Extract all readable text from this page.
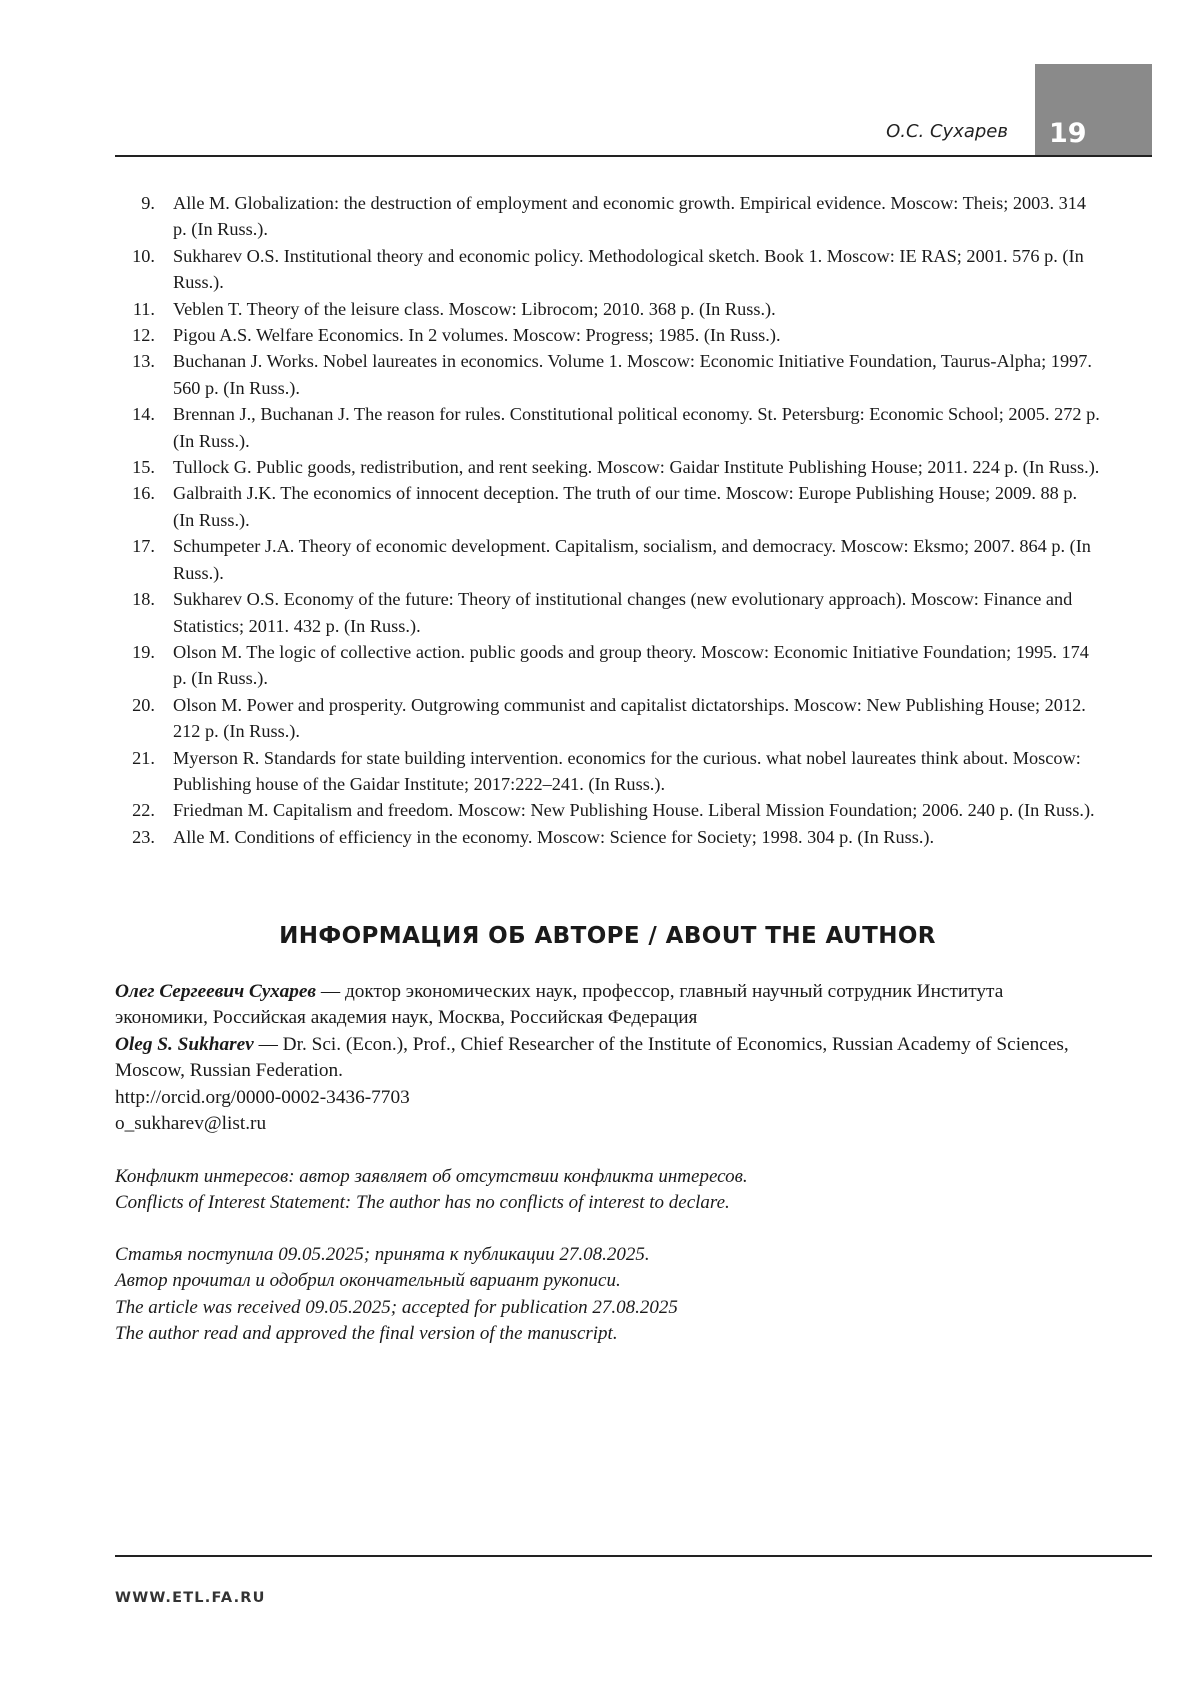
19
О.С. Сухарев
9. Alle M. Globalization: the destruction of employment and economic growth. Empirical evidence. Moscow: Theis; 2003. 314 p. (In Russ.).
10. Sukharev O.S. Institutional theory and economic policy. Methodological sketch. Book 1. Moscow: IE RAS; 2001. 576 p. (In Russ.).
11. Veblen T. Theory of the leisure class. Moscow: Librocom; 2010. 368 p. (In Russ.).
12. Pigou A.S. Welfare Economics. In 2 volumes. Moscow: Progress; 1985. (In Russ.).
13. Buchanan J. Works. Nobel laureates in economics. Volume 1. Moscow: Economic Initiative Foundation, Taurus-Alpha; 1997. 560 p. (In Russ.).
14. Brennan J., Buchanan J. The reason for rules. Constitutional political economy. St. Petersburg: Economic School; 2005. 272 p. (In Russ.).
15. Tullock G. Public goods, redistribution, and rent seeking. Moscow: Gaidar Institute Publishing House; 2011. 224 p. (In Russ.).
16. Galbraith J.K. The economics of innocent deception. The truth of our time. Moscow: Europe Publishing House; 2009. 88 p. (In Russ.).
17. Schumpeter J.A. Theory of economic development. Capitalism, socialism, and democracy. Moscow: Eksmo; 2007. 864 p. (In Russ.).
18. Sukharev O.S. Economy of the future: Theory of institutional changes (new evolutionary approach). Moscow: Finance and Statistics; 2011. 432 p. (In Russ.).
19. Olson M. The logic of collective action. public goods and group theory. Moscow: Economic Initiative Foundation; 1995. 174 p. (In Russ.).
20. Olson M. Power and prosperity. Outgrowing communist and capitalist dictatorships. Moscow: New Publishing House; 2012. 212 p. (In Russ.).
21. Myerson R. Standards for state building intervention. economics for the curious. what nobel laureates think about. Moscow: Publishing house of the Gaidar Institute; 2017:222–241. (In Russ.).
22. Friedman M. Capitalism and freedom. Moscow: New Publishing House. Liberal Mission Foundation; 2006. 240 p. (In Russ.).
23. Alle M. Conditions of efficiency in the economy. Moscow: Science for Society; 1998. 304 p. (In Russ.).
ИНФОРМАЦИЯ ОБ АВТОРЕ / ABOUT THE AUTHOR

Олег Сергеевич Сухарев — доктор экономических наук, профессор, главный научный сотрудник Института экономики, Российская академия наук, Москва, Российская Федерация

Oleg S. Sukharev — Dr. Sci. (Econ.), Prof., Chief Researcher of the Institute of Economics, Russian Academy of Sciences, Moscow, Russian Federation.

http://orcid.org/0000-0002-3436-7703

o_sukharev@list.ru

Конфликт интересов: автор заявляет об отсутствии конфликта интересов.

Conflicts of Interest Statement: The author has no conflicts of interest to declare.

Статья поступила 09.05.2025; принята к публикации 27.08.2025.

Автор прочитал и одобрил окончательный вариант рукописи.

The article was received 09.05.2025; accepted for publication 27.08.2025

The author read and approved the final version of the manuscript.

WWW.ETL.FA.RU
